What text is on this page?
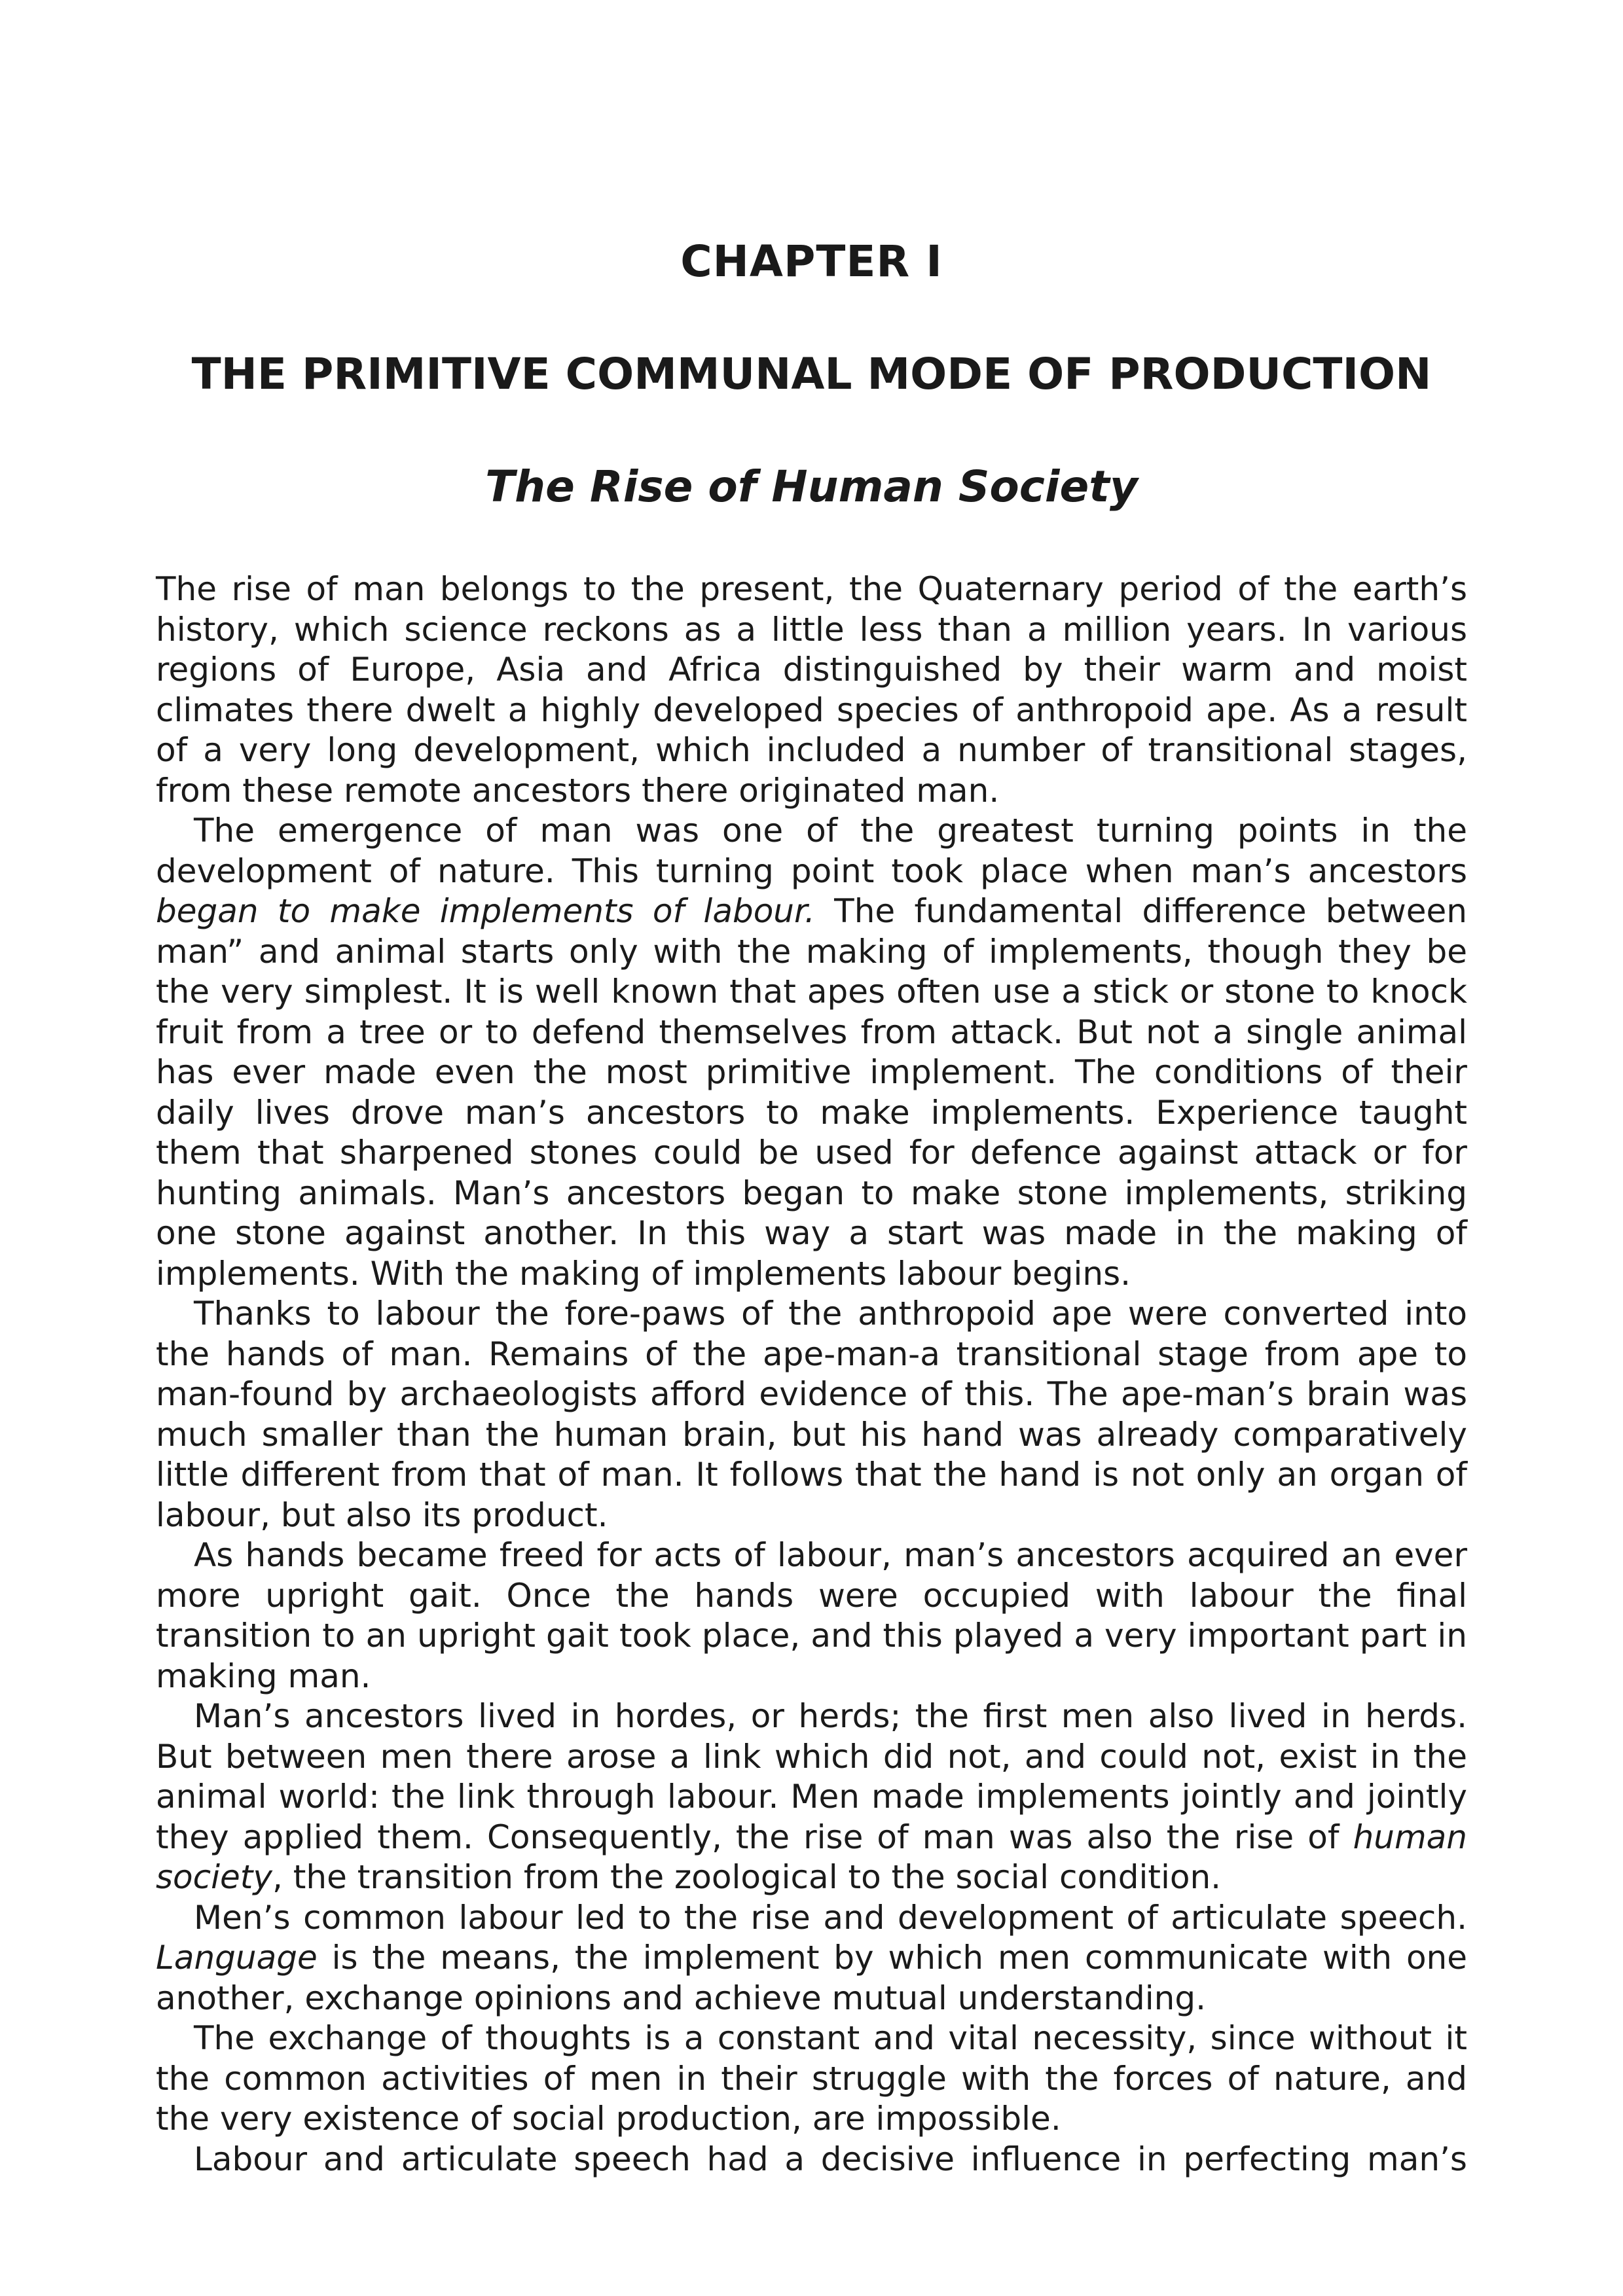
CHAPTER I
THE PRIMITIVE COMMUNAL MODE OF PRODUCTION
The Rise of Human Society

The rise of man belongs to the present, the Quaternary period of the earth’s history, which science reckons as a little less than a million years. In various regions of Europe, Asia and Africa distinguished by their warm and moist climates there dwelt a highly developed species of anthropoid ape. As a result of a very long development, which included a number of transitional stages, from these remote ancestors there originated man.

The emergence of man was one of the greatest turning points in the development of nature. This turning point took place when man’s ancestors began to make implements of labour. The fundamental difference between man” and animal starts only with the making of implements, though they be the very simplest. It is well known that apes often use a stick or stone to knock fruit from a tree or to defend themselves from attack. But not a single animal has ever made even the most primitive implement. The conditions of their daily lives drove man’s ancestors to make implements. Experience taught them that sharpened stones could be used for defence against attack or for hunting animals. Man’s ancestors began to make stone implements, striking one stone against another. In this way a start was made in the making of implements. With the making of implements labour begins.

Thanks to labour the fore-paws of the anthropoid ape were converted into the hands of man. Remains of the ape-man-a transitional stage from ape to man-found by archaeologists afford evidence of this. The ape-man’s brain was much smaller than the human brain, but his hand was already comparatively little different from that of man. It follows that the hand is not only an organ of labour, but also its product.

As hands became freed for acts of labour, man’s ancestors acquired an ever more upright gait. Once the hands were occupied with labour the final transition to an upright gait took place, and this played a very important part in making man.

Man’s ancestors lived in hordes, or herds; the first men also lived in herds. But between men there arose a link which did not, and could not, exist in the animal world: the link through labour. Men made implements jointly and jointly they applied them. Consequently, the rise of man was also the rise of human society, the transition from the zoological to the social condition.

Men’s common labour led to the rise and development of articulate speech. Language is the means, the implement by which men communicate with one another, exchange opinions and achieve mutual understanding.

The exchange of thoughts is a constant and vital necessity, since without it the common activities of men in their struggle with the forces of nature, and the very existence of social production, are impossible.

Labour and articulate speech had a decisive influence in perfecting man’s
